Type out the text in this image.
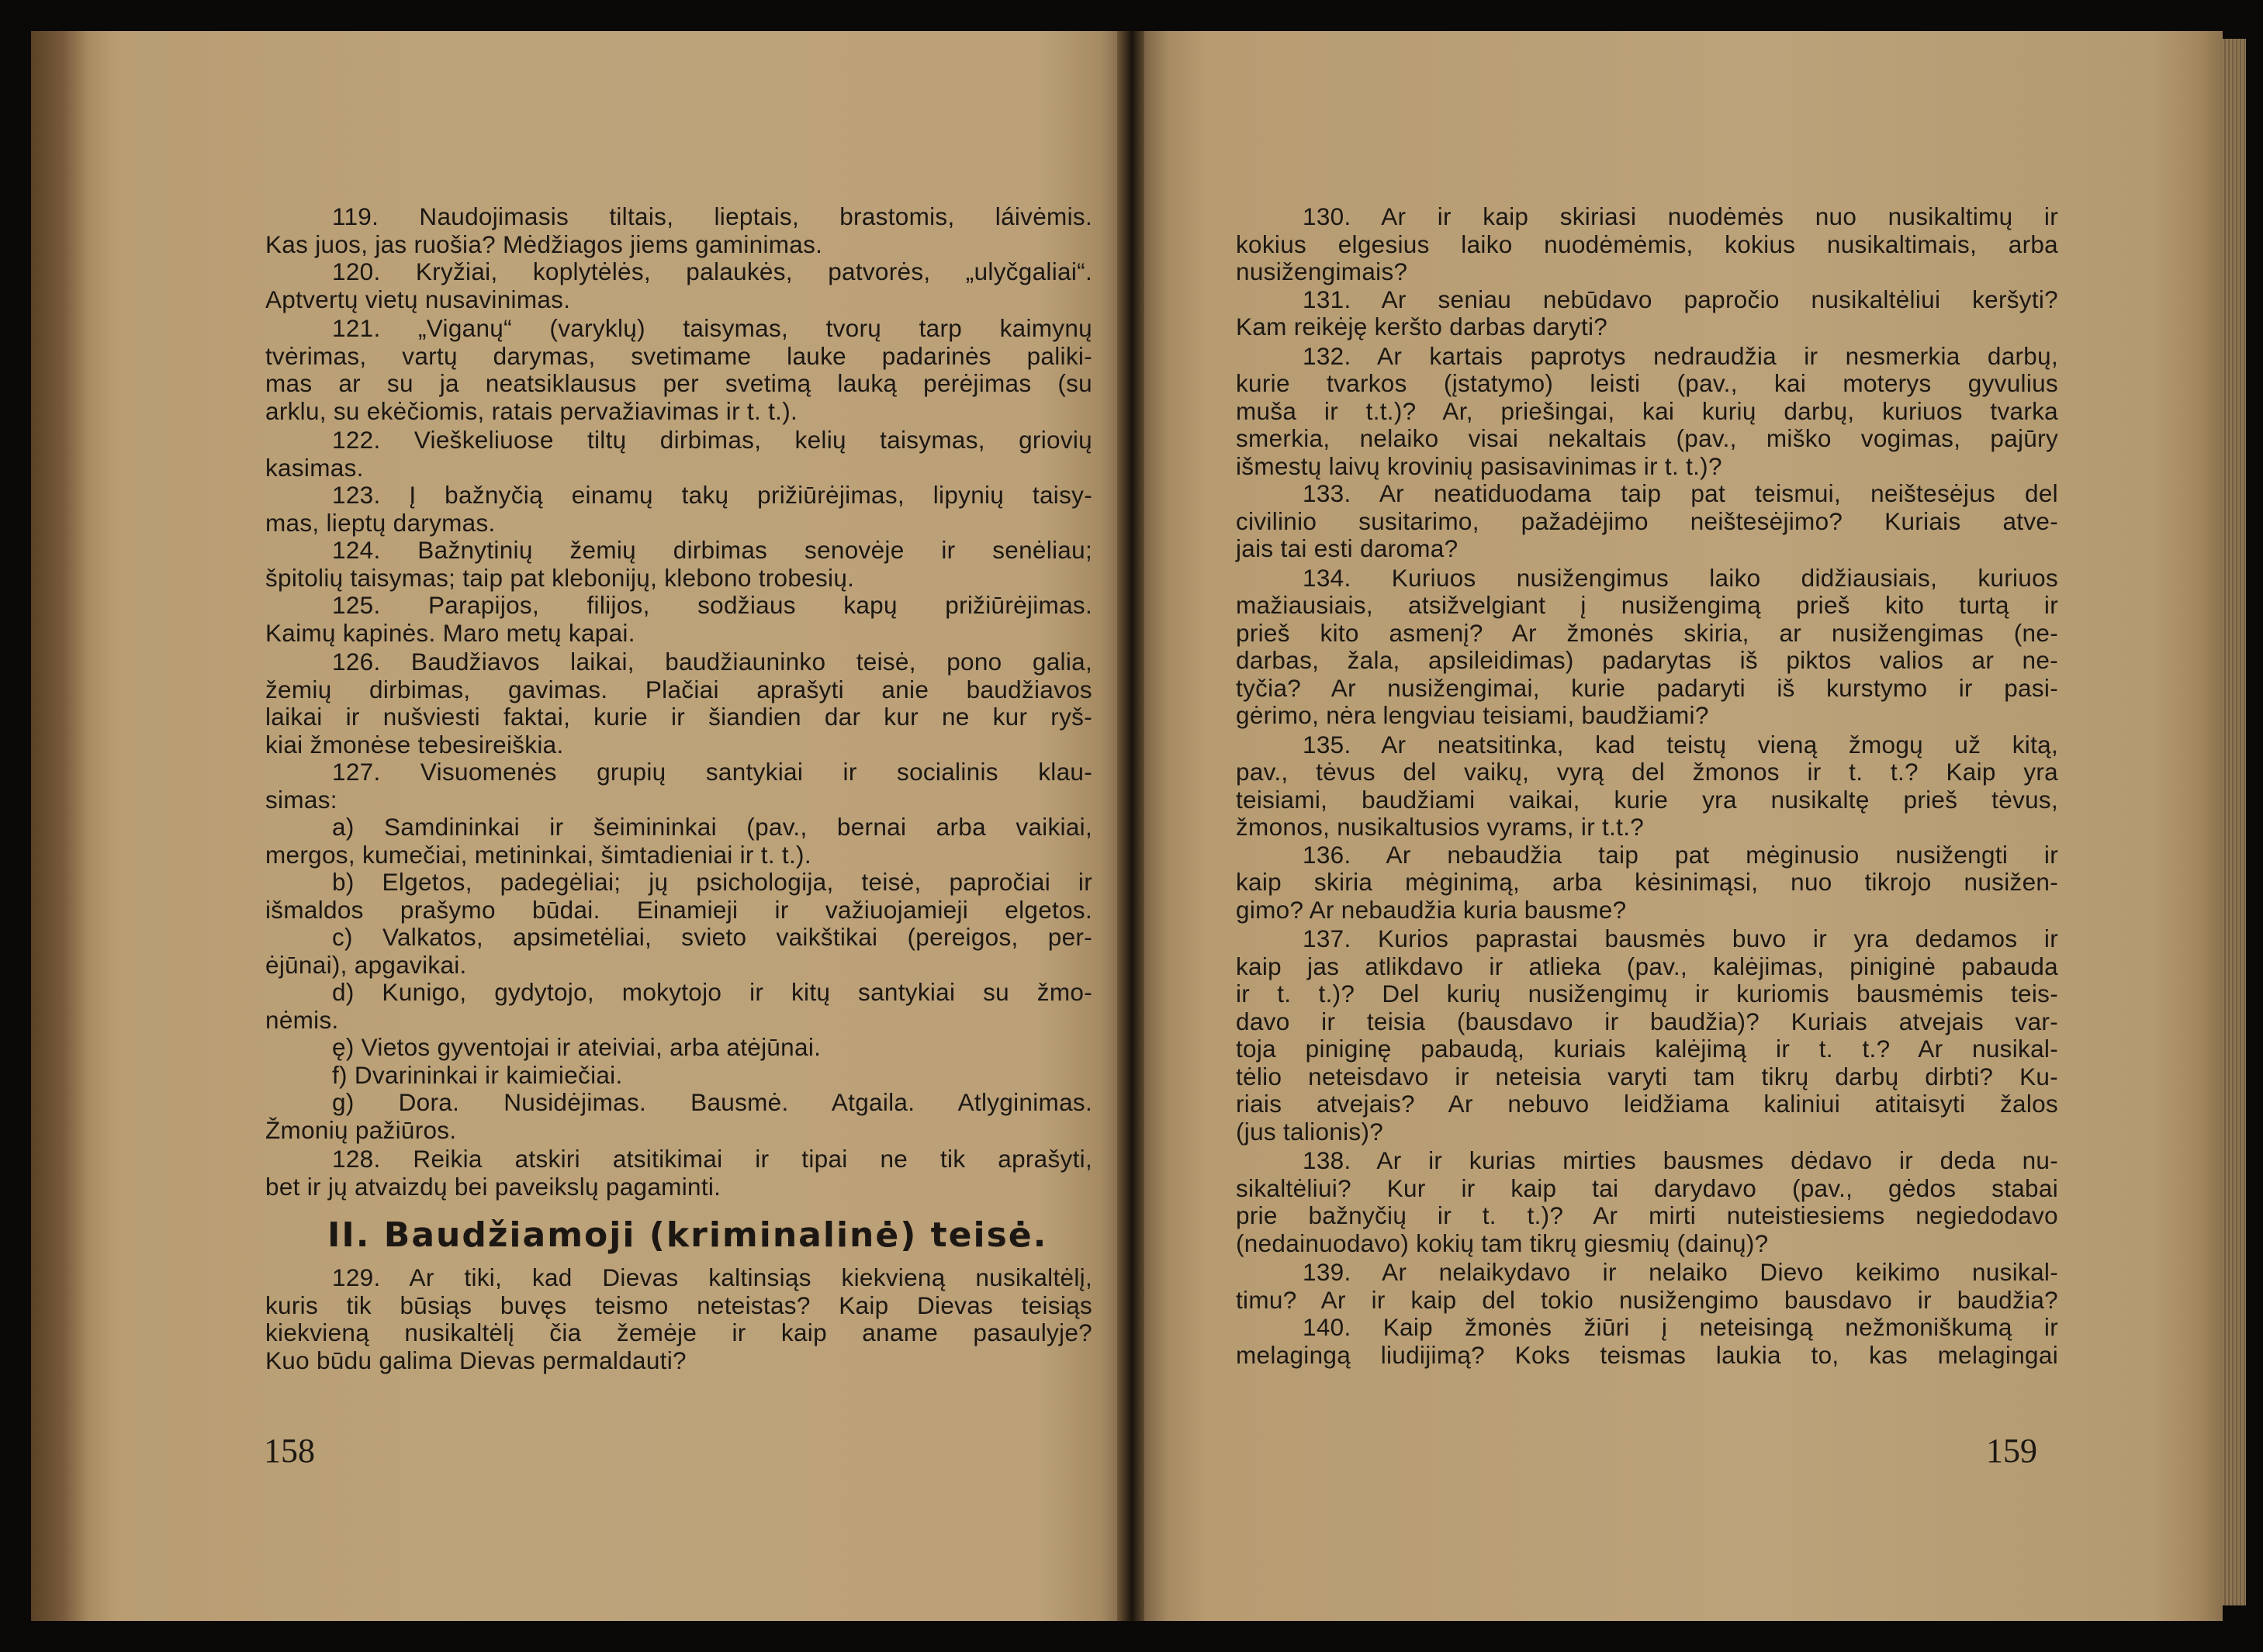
119. Naudojimasis tiltais, lieptais, brastomis, láivėmis.
Kas juos, jas ruošia? Mėdžiagos jiems gaminimas.
120. Kryžiai, koplytėlės, palaukės, patvorės, „ulyčgaliai“.
Aptvertų vietų nusavinimas.
121. „Viganų“ (varyklų) taisymas, tvorų tarp kaimynų
tvėrimas, vartų darymas, svetimame lauke padarinės paliki-
mas ar su ja neatsiklausus per svetimą lauką perėjimas (su
arklu, su ekėčiomis, ratais pervažiavimas ir t. t.).
122. Vieškeliuose tiltų dirbimas, kelių taisymas, griovių
kasimas.
123. Į bažnyčią einamų takų prižiūrėjimas, lipynių taisy-
mas, lieptų darymas.
124. Bažnytinių žemių dirbimas senovėje ir senėliau;
špitolių taisymas; taip pat klebonijų, klebono trobesių.
125. Parapijos, filijos, sodžiaus kapų prižiūrėjimas.
Kaimų kapinės. Maro metų kapai.
126. Baudžiavos laikai, baudžiauninko teisė, pono galia,
žemių dirbimas, gavimas. Plačiai aprašyti anie baudžiavos
laikai ir nušviesti faktai, kurie ir šiandien dar kur ne kur ryš-
kiai žmonėse tebesireiškia.
127. Visuomenės grupių santykiai ir socialinis klau-
simas:
a) Samdininkai ir šeimininkai (pav., bernai arba vaikiai,
mergos, kumečiai, metininkai, šimtadieniai ir t. t.).
b) Elgetos, padegėliai; jų psichologija, teisė, papročiai ir
išmaldos prašymo būdai. Einamieji ir važiuojamieji elgetos.
c) Valkatos, apsimetėliai, svieto vaikštikai (pereigos, per-
ėjūnai), apgavikai.
d) Kunigo, gydytojo, mokytojo ir kitų santykiai su žmo-
nėmis.
ę) Vietos gyventojai ir ateiviai, arba atėjūnai.
f) Dvarininkai ir kaimiečiai.
g) Dora. Nusidėjimas. Bausmė. Atgaila. Atlyginimas.
Žmonių pažiūros.
128. Reikia atskiri atsitikimai ir tipai ne tik aprašyti,
bet ir jų atvaizdų bei paveikslų pagaminti.
II. Baudžiamoji (kriminalinė) teisė.
129. Ar tiki, kad Dievas kaltinsiąs kiekvieną nusikaltėlį,
kuris tik būsiąs buvęs teismo neteistas? Kaip Dievas teisiąs
kiekvieną nusikaltėlį čia žemėje ir kaip aname pasaulyje?
Kuo būdu galima Dievas permaldauti?
158
130. Ar ir kaip skiriasi nuodėmės nuo nusikaltimų ir
kokius elgesius laiko nuodėmėmis, kokius nusikaltimais, arba
nusižengimais?
131. Ar seniau nebūdavo papročio nusikaltėliui keršyti?
Kam reikėję keršto darbas daryti?
132. Ar kartais paprotys nedraudžia ir nesmerkia darbų,
kurie tvarkos (įstatymo) leisti (pav., kai moterys gyvulius
muša ir t.t.)? Ar, priešingai, kai kurių darbų, kuriuos tvarka
smerkia, nelaiko visai nekaltais (pav., miško vogimas, pajūry
išmestų laivų krovinių pasisavinimas ir t. t.)?
133. Ar neatiduodama taip pat teismui, neištesėjus del
civilinio susitarimo, pažadėjimo neištesėjimo? Kuriais atve-
jais tai esti daroma?
134. Kuriuos nusižengimus laiko didžiausiais, kuriuos
mažiausiais, atsižvelgiant į nusižengimą prieš kito turtą ir
prieš kito asmenį? Ar žmonės skiria, ar nusižengimas (ne-
darbas, žala, apsileidimas) padarytas iš piktos valios ar ne-
tyčia? Ar nusižengimai, kurie padaryti iš kurstymo ir pasi-
gėrimo, nėra lengviau teisiami, baudžiami?
135. Ar neatsitinka, kad teistų vieną žmogų už kitą,
pav., tėvus del vaikų, vyrą del žmonos ir t. t.? Kaip yra
teisiami, baudžiami vaikai, kurie yra nusikaltę prieš tėvus,
žmonos, nusikaltusios vyrams, ir t.t.?
136. Ar nebaudžia taip pat mėginusio nusižengti ir
kaip skiria mėginimą, arba kėsinimąsi, nuo tikrojo nusižen-
gimo? Ar nebaudžia kuria bausme?
137. Kurios paprastai bausmės buvo ir yra dedamos ir
kaip jas atlikdavo ir atlieka (pav., kalėjimas, piniginė pabauda
ir t. t.)? Del kurių nusižengimų ir kuriomis bausmėmis teis-
davo ir teisia (bausdavo ir baudžia)? Kuriais atvejais var-
toja piniginę pabaudą, kuriais kalėjimą ir t. t.? Ar nusikal-
tėlio neteisdavo ir neteisia varyti tam tikrų darbų dirbti? Ku-
riais atvejais? Ar nebuvo leidžiama kaliniui atitaisyti žalos
(jus talionis)?
138. Ar ir kurias mirties bausmes dėdavo ir deda nu-
sikaltėliui? Kur ir kaip tai darydavo (pav., gėdos stabai
prie bažnyčių ir t. t.)? Ar mirti nuteistiesiems negiedodavo
(nedainuodavo) kokių tam tikrų giesmių (dainų)?
139. Ar nelaikydavo ir nelaiko Dievo keikimo nusikal-
timu? Ar ir kaip del tokio nusižengimo bausdavo ir baudžia?
140. Kaip žmonės žiūri į neteisingą nežmoniškumą ir
melagingą liudijimą? Koks teismas laukia to, kas melagingai
159
